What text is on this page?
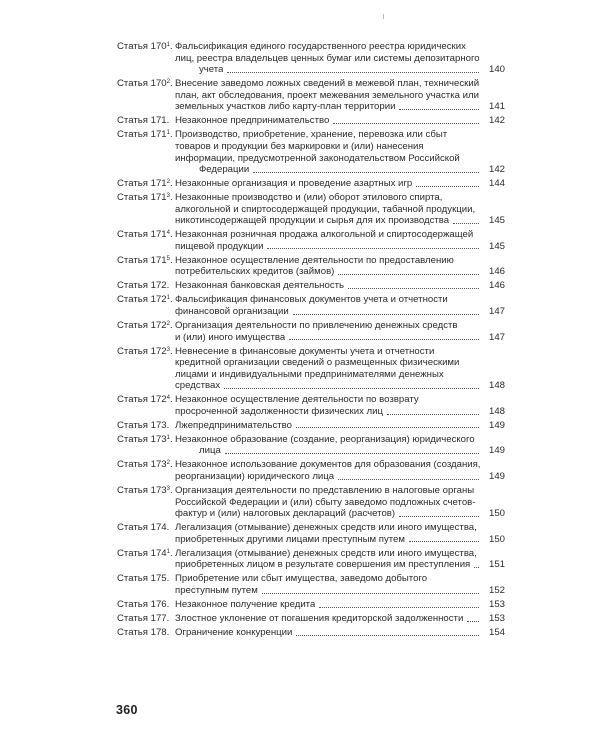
Статья $170^1$. Фальсификация единого государственного реестра юридических
лиц, реестра владельцев ценных бумаг или системы депозитарного
учета	140
Статья $170^2$. Внесение заведомо ложных сведений в межевой план, технический
план, акт обследования, проект межевания земельного участка или
земельных участков либо карту-план территории	141
Статья 171. Незаконное предпринимательство	142
Статья $171^1$. Производство, приобретение, хранение, перевозка или сбыт
товаров и продукции без маркировки и (или) нанесения
информации, предусмотренной законодательством Российской
Федерации	142
Статья $171^2$. Незаконные организация и проведение азартных игр	144
Статья $171^3$. Незаконные производство и (или) оборот этилового спирта,
алкогольной и спиртосодержащей продукции, табачной продукции,
никотинсодержащей продукции и сырья для их производства	145
Статья $171^4$. Незаконная розничная продажа алкогольной и спиртосодержащей
пищевой продукции	145
Статья $171^5$. Незаконное осуществление деятельности по предоставлению
потребительских кредитов (займов)	146
Статья 172. Незаконная банковская деятельность	146
Статья $172^1$. Фальсификация финансовых документов учета и отчетности
финансовой организации	147
Статья $172^2$. Организация деятельности по привлечению денежных средств
и (или) иного имущества	147
Статья $172^3$. Невнесение в финансовые документы учета и отчетности
кредитной организации сведений о размещенных физическими
лицами и индивидуальными предпринимателями денежных
средствах	148
Статья $172^4$. Незаконное осуществление деятельности по возврату
просроченной задолженности физических лиц	148
Статья 173. Лжепредпринимательство	149
Статья $173^1$. Незаконное образование (создание, реорганизация) юридического
лица	149
Статья $173^2$. Незаконное использование документов для образования (создания,
реорганизации) юридического лица	149
Статья $173^3$. Организация деятельности по представлению в налоговые органы
Российской Федерации и (или) сбыту заведомо подложных счетов-
фактур и (или) налоговых деклараций (расчетов)	150
Статья 174. Легализация (отмывание) денежных средств или иного имущества,
приобретенных другими лицами преступным путем	150
Статья $174^1$. Легализация (отмывание) денежных средств или иного имущества,
приобретенных лицом в результате совершения им преступления	151
Статья 175. Приобретение или сбыт имущества, заведомо добытого
преступным путем	152
Статья 176. Незаконное получение кредита	153
Статья 177. Злостное уклонение от погашения кредиторской задолженности	153
Статья 178. Ограничение конкуренции	154
360
